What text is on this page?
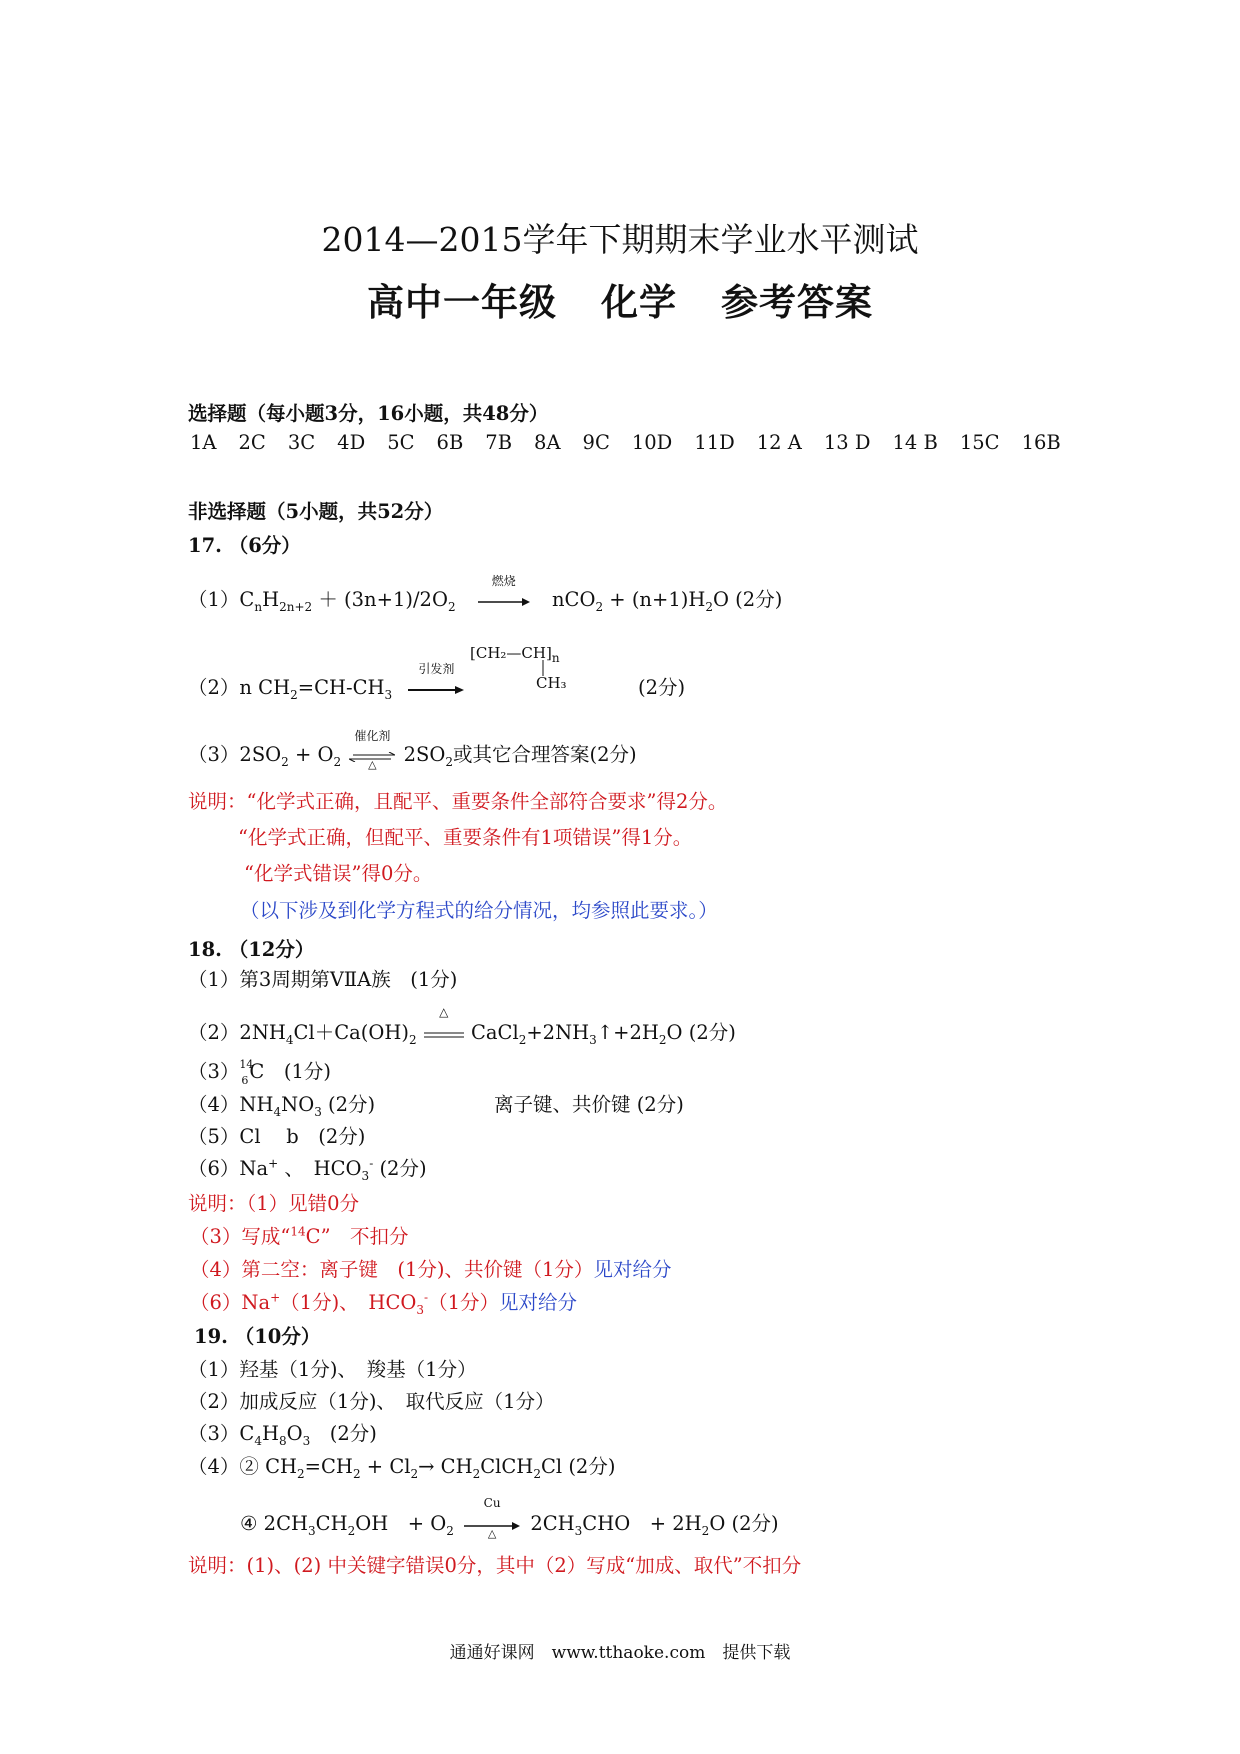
2014—2015学年下期期末学业水平测试
高中一年级 化学 参考答案
选择题（每小题3分，16小题，共48分）
1A 2C 3C 4D 5C 6B 7B 8A 9C 10D 11D 12 A 13 D 14 B 15C 16B
非选择题（5小题，共52分）
17. （6分）
$(1)C_nH_{2n+2} + (3n+1)/2O_2$
燃烧
$nCO_2 + (n+1)H_2O$ (2分)
（2）n $CH_2=CH-CH_3$
引发剂
$[CH_2—CH]_n$
CH₃	(2分)
$(3)2SO_2 + O_2$
催化剂
△	$2SO_2$或其它合理答案(2分)
说明：“化学式正确，且配平、重要条件全部符合要求”得2分。
“化学式正确，但配平、重要条件有1项错误”得1分。
“化学式错误”得0分。
（以下涉及到化学方程式的给分情况，均参照此要求。）
18. （12分）
（1）第3周期第VⅡA族　(1分)
$(2)2NH_4Cl+Ca(OH)_2$
△
$CaCl_2+2NH_3↑+2H_2O$ (2分)
（3） 14
6 C　(1分)
$(4)NH_4NO_3$ (2分)	离子键、共价键 (2分)
（5）Cl　 b　(2分)
（6）Na+ 、　$HCO_3^-$ (2分)
说明：（1）见错0分
（3）写成“$^{14}$C”　不扣分
（4）第二空：离子键　(1分)、共价键（1分）见对给分
（6）Na+（1分)、　$HCO_3^-(1$分）见对给分
19. （10分）
（1）羟基（1分)、　羧基（1分）
（2）加成反应（1分)、　取代反应（1分）
$(3)C_4H_8O_3$　(2分)
（4）② $CH_2=CH_2 + Cl_2\to$ $CH_2ClCH_2Cl$ (2分)
④ $2CH_3CH_2OH$　+ $O_2$
Cu
△	$2CH_3CHO$　+ $2H_2O$ (2分)
说明：(1)、(2) 中关键字错误0分，其中（2）写成“加成、取代”不扣分
通通好课网　www.tthaoke.com　提供下载
